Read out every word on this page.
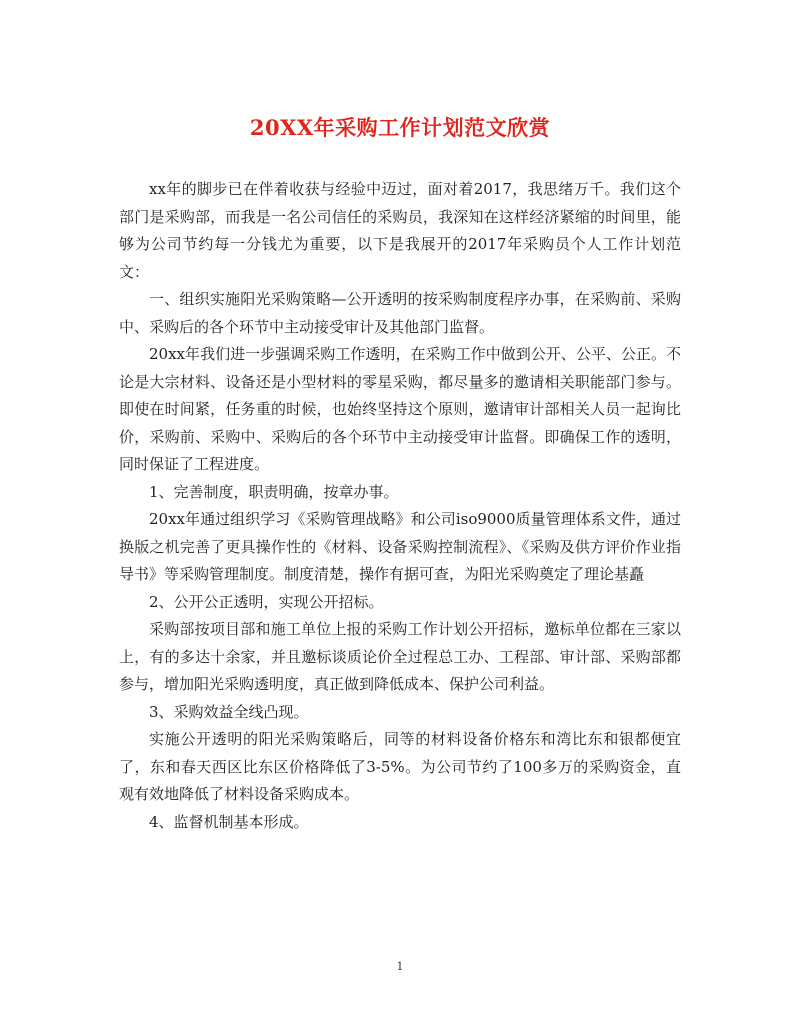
20XX年采购工作计划范文欣赏

xx年的脚步已在伴着收获与经验中迈过，面对着2017，我思绪万千。我们这个部门是采购部，而我是一名公司信任的采购员，我深知在这样经济紧缩的时间里，能够为公司节约每一分钱尤为重要，以下是我展开的2017年采购员个人工作计划范文：

一、组织实施阳光采购策略—公开透明的按采购制度程序办事，在采购前、采购中、采购后的各个环节中主动接受审计及其他部门监督。

20xx年我们进一步强调采购工作透明，在采购工作中做到公开、公平、公正。不论是大宗材料、设备还是小型材料的零星采购，都尽量多的邀请相关职能部门参与。即使在时间紧，任务重的时候，也始终坚持这个原则，邀请审计部相关人员一起询比价，采购前、采购中、采购后的各个环节中主动接受审计监督。即确保工作的透明，同时保证了工程进度。

1、完善制度，职责明确，按章办事。

20xx年通过组织学习《采购管理战略》和公司iso9000质量管理体系文件，通过换版之机完善了更具操作性的《材料、设备采购控制流程》、《采购及供方评价作业指导书》等采购管理制度。制度清楚，操作有据可查，为阳光采购奠定了理论基矗

2、公开公正透明，实现公开招标。

采购部按项目部和施工单位上报的采购工作计划公开招标，邀标单位都在三家以上，有的多达十余家，并且邀标谈质论价全过程总工办、工程部、审计部、采购部都参与，增加阳光采购透明度，真正做到降低成本、保护公司利益。

3、采购效益全线凸现。

实施公开透明的阳光采购策略后，同等的材料设备价格东和湾比东和银都便宜了，东和春天西区比东区价格降低了3-5%。为公司节约了100多万的采购资金，直观有效地降低了材料设备采购成本。

4、监督机制基本形成。

1
